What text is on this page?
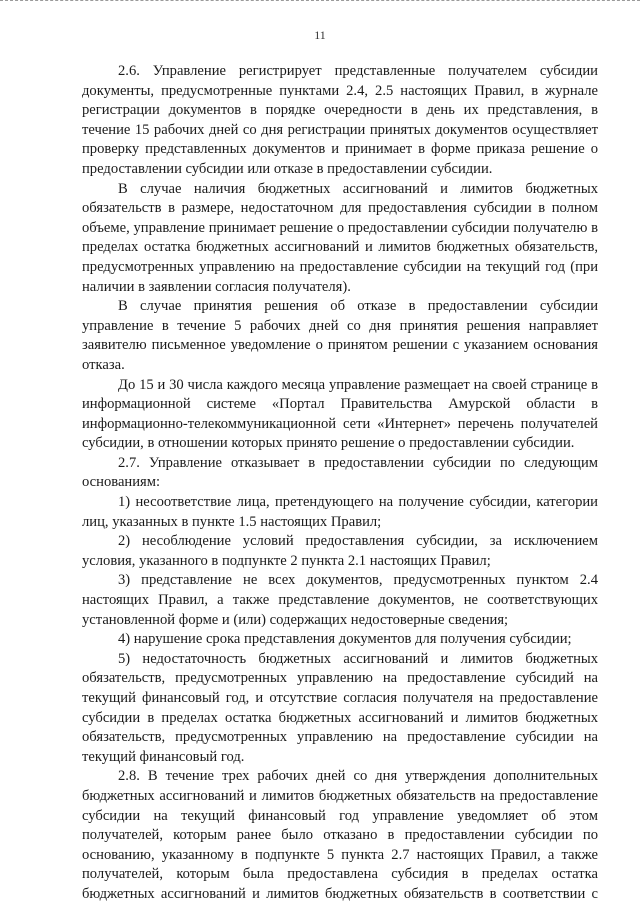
11

2.6. Управление регистрирует представленные получателем субсидии документы, предусмотренные пунктами 2.4, 2.5 настоящих Правил, в журнале регистрации документов в порядке очередности в день их представления, в течение 15 рабочих дней со дня регистрации принятых документов осуществляет проверку представленных документов и принимает в форме приказа решение о предоставлении субсидии или отказе в предоставлении субсидии.

В случае наличия бюджетных ассигнований и лимитов бюджетных обязательств в размере, недостаточном для предоставления субсидии в полном объеме, управление принимает решение о предоставлении субсидии получателю в пределах остатка бюджетных ассигнований и лимитов бюджетных обязательств, предусмотренных управлению на предоставление субсидии на текущий год (при наличии в заявлении согласия получателя).

В случае принятия решения об отказе в предоставлении субсидии управление в течение 5 рабочих дней со дня принятия решения направляет заявителю письменное уведомление о принятом решении с указанием основания отказа.

До 15 и 30 числа каждого месяца управление размещает на своей странице в информационной системе «Портал Правительства Амурской области в информационно-телекоммуникационной сети «Интернет» перечень получателей субсидии, в отношении которых принято решение о предоставлении субсидии.

2.7. Управление отказывает в предоставлении субсидии по следующим основаниям:

1) несоответствие лица, претендующего на получение субсидии, категории лиц, указанных в пункте 1.5 настоящих Правил;

2) несоблюдение условий предоставления субсидии, за исключением условия, указанного в подпункте 2 пункта 2.1 настоящих Правил;

3) представление не всех документов, предусмотренных пунктом 2.4 настоящих Правил, а также представление документов, не соответствующих установленной форме и (или) содержащих недостоверные сведения;

4) нарушение срока представления документов для получения субсидии;

5) недостаточность бюджетных ассигнований и лимитов бюджетных обязательств, предусмотренных управлению на предоставление субсидий на текущий финансовый год, и отсутствие согласия получателя на предоставление субсидии в пределах остатка бюджетных ассигнований и лимитов бюджетных обязательств, предусмотренных управлению на предоставление субсидии на текущий финансовый год.

2.8. В течение трех рабочих дней со дня утверждения дополнительных бюджетных ассигнований и лимитов бюджетных обязательств на предоставление субсидии на текущий финансовый год управление уведомляет об этом получателей, которым ранее было отказано в предоставлении субсидии по основанию, указанному в подпункте 5 пункта 2.7 настоящих Правил, а также получателей, которым была предоставлена субсидия в пределах остатка бюджетных ассигнований и лимитов бюджетных обязательств в соответствии с
